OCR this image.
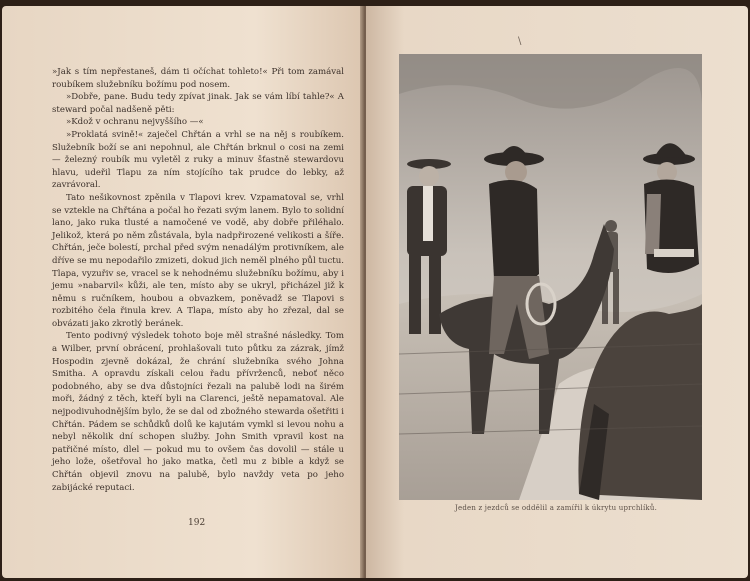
»Jak s tím nepřestaneš, dám ti očíchat tohleto!« Při tom zamával roubíkem služebníku božímu pod nosem.

»Dobře, pane. Budu tedy zpívat jinak. Jak se vám líbí tahle?« A steward počal nadšeně pěti:

»Kdož v ochranu nejvyššího —«

»Proklatá svině!« zaječel Chřtán a vrhl se na něj s roubíkem. Služebník boží se ani nepohnul, ale Chřtán brknul o cosi na zemi — železný roubík mu vyletěl z ruky a minuv šťastně stewardovu hlavu, udeřil Tlapu za ním stojícího tak prudce do lebky, až zavrávoral.

Tato nešikovnost zpěnila v Tlapovi krev. Vzpamatoval se, vrhl se vztekle na Chřtána a počal ho řezati svým lanem. Bylo to solidní lano, jako ruka tlusté a namočené ve vodě, aby dobře přiléhalo. Jelikož, která po něm zůstávala, byla nadpřirozené velikosti a šíře. Chřtán, ječe bolestí, prchal před svým nenadálým protivníkem, ale dříve se mu nepodařilo zmizeti, dokud jich neměl plného půl tuctu. Tlapa, vyzuřiv se, vracel se k nehodnému služebníku božímu, aby i jemu »nabarvil« kůži, ale ten, místo aby se ukryl, přicházel již k němu s ručníkem, houbou a obvazkem, poněvadž se Tlapovi s rozbitého čela řinula krev. A Tlapa, místo aby ho zřezal, dal se obvázati jako zkrotlý beránek.

Tento podivný výsledek tohoto boje měl strašné následky. Tom a Wilber, první obrácení, prohlašovali tuto půtku za zázrak, jímž Hospodin zjevně dokázal, že chrání služebníka svého Johna Smitha. A opravdu získali celou řadu přívrženců, neboť něco podobného, aby se dva důstojníci řezali na palubě lodi na širém moři, žádný z těch, kteří byli na Clarenci, ještě nepamatoval. Ale nejpodivuhodnějším bylo, že se dal od zbožného stewarda ošetřiti i Chřtán. Pádem se schůdků dolů ke kajutám vymkl si levou nohu a nebyl několik dní schopen služby. John Smith vpravil kost na patřičné místo, dlel — pokud mu to ovšem čas dovolil — stále u jeho lože, ošetřoval ho jako matka, četl mu z bible a když se Chřtán objevil znovu na palubě, bylo navždy veta po jeho zabijácké reputaci.

192
\
Jeden z jezdců se oddělil a zamířil k úkrytu uprchlíků.
